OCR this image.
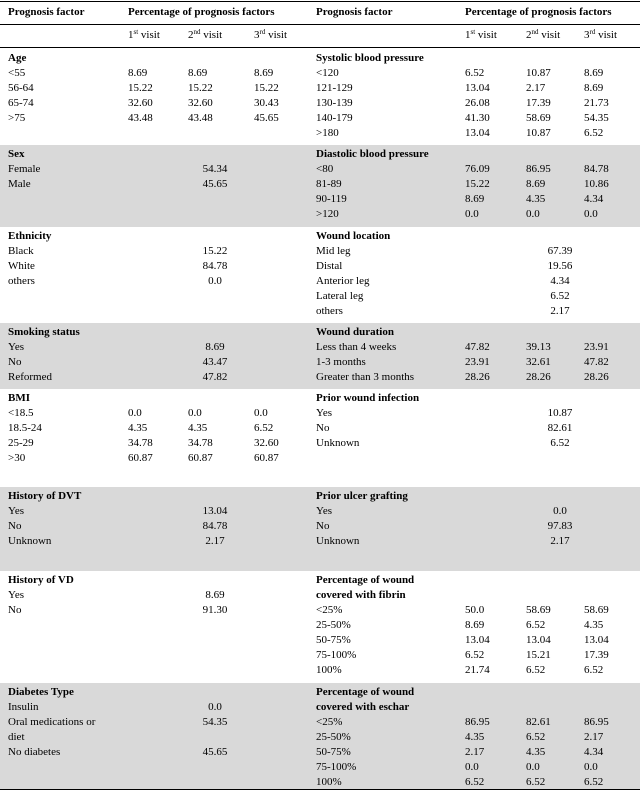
Prognosis factor	Percentage of prognosis factors	Prognosis factor	Percentage of prognosis factors
1st visit	2nd visit	3rd visit	1st visit	2nd visit 3rd visit
Age
<55	8.69	8.69	8.69
56-64	15.22	15.22	15.22
65-74	32.60	32.60	30.43
>75	43.48	43.48	45.65
Systolic blood pressure
<120	6.52	10.87	8.69
121-129	13.04	2.17	8.69
130-139	26.08	17.39	21.73
140-179	41.30	58.69	54.35
>180	13.04	10.87	6.52
Sex
Female	54.34
Male	45.65
Diastolic blood pressure
<80	76.09	86.95	84.78
81-89	15.22	8.69	10.86
90-119	8.69	4.35	4.34
>120	0.0	0.0	0.0
Ethnicity
Black	15.22
White	84.78
others	0.0
Wound location
Mid leg	67.39
Distal	19.56
Anterior leg	4.34
Lateral leg	6.52
others	2.17
Smoking status
Yes	8.69
No	43.47
Reformed	47.82
Wound duration
Less than 4 weeks	47.82	39.13	23.91
1-3 months	23.91	32.61	47.82
Greater than 3 months	28.26	28.26	28.26
BMI
<18.5	0.0	0.0	0.0
18.5-24	4.35	4.35	6.52
25-29	34.78	34.78	32.60
>30	60.87	60.87	60.87
Prior wound infection
Yes	10.87
No	82.61
Unknown	6.52
History of DVT
Yes	13.04
No	84.78
Unknown	2.17
Prior ulcer grafting
Yes	0.0
No	97.83
Unknown	2.17
History of VD
Yes	8.69
No	91.30
Percentage of wound
covered with fibrin
<25%	50.0	58.69	58.69
25-50%	8.69	6.52	4.35
50-75%	13.04	13.04	13.04
75-100%	6.52	15.21	17.39
100%	21.74	6.52	6.52
Diabetes Type
Insulin	0.0
Oral medications or
diet
54.35
No diabetes	45.65
Percentage of wound
covered with eschar
<25%	86.95	82.61	86.95
25-50%	4.35	6.52	2.17
50-75%	2.17	4.35	4.34
75-100%	0.0	0.0	0.0
100%	6.52	6.52	6.52
